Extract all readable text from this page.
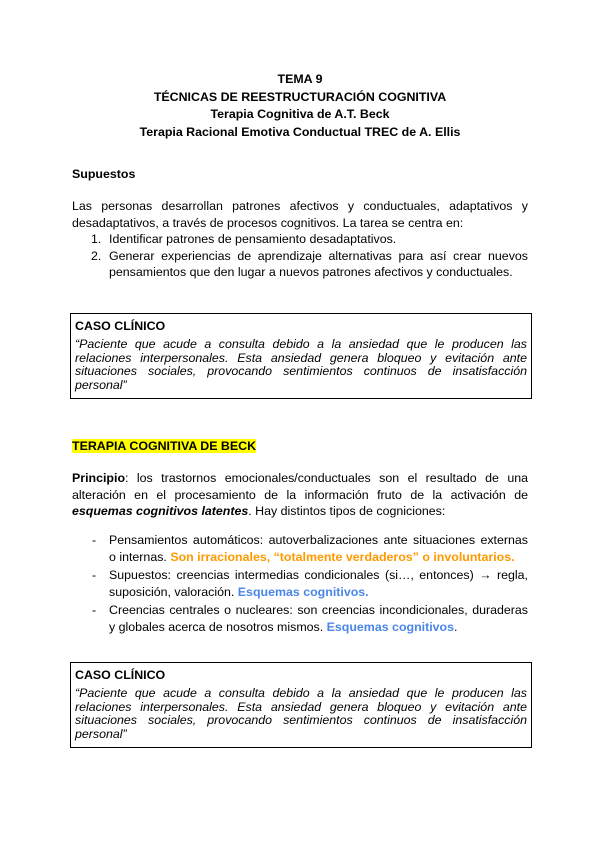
TEMA 9
TÉCNICAS DE REESTRUCTURACIÓN COGNITIVA
Terapia Cognitiva de A.T. Beck
Terapia Racional Emotiva Conductual TREC de A. Ellis
Supuestos

Las personas desarrollan patrones afectivos y conductuales, adaptativos y desadaptativos, a través de procesos cognitivos. La tarea se centra en:

1. Identificar patrones de pensamiento desadaptativos.
2. Generar experiencias de aprendizaje alternativas para así crear nuevos pensamientos que den lugar a nuevos patrones afectivos y conductuales.
CASO CLÍNICO
“Paciente que acude a consulta debido a la ansiedad que le producen las relaciones interpersonales. Esta ansiedad genera bloqueo y evitación ante situaciones sociales, provocando sentimientos continuos de insatisfacción personal”
TERAPIA COGNITIVA DE BECK

Principio: los trastornos emocionales/conductuales son el resultado de una alteración en el procesamiento de la información fruto de la activación de esquemas cognitivos latentes. Hay distintos tipos de cogniciones:

- Pensamientos automáticos: autoverbalizaciones ante situaciones externas o internas. Son irracionales, “totalmente verdaderos” o involuntarios.
- Supuestos: creencias intermedias condicionales (si…, entonces) → regla, suposición, valoración. Esquemas cognitivos.
- Creencias centrales o nucleares: son creencias incondicionales, duraderas y globales acerca de nosotros mismos. Esquemas cognitivos.
CASO CLÍNICO
“Paciente que acude a consulta debido a la ansiedad que le producen las relaciones interpersonales. Esta ansiedad genera bloqueo y evitación ante situaciones sociales, provocando sentimientos continuos de insatisfacción personal”
